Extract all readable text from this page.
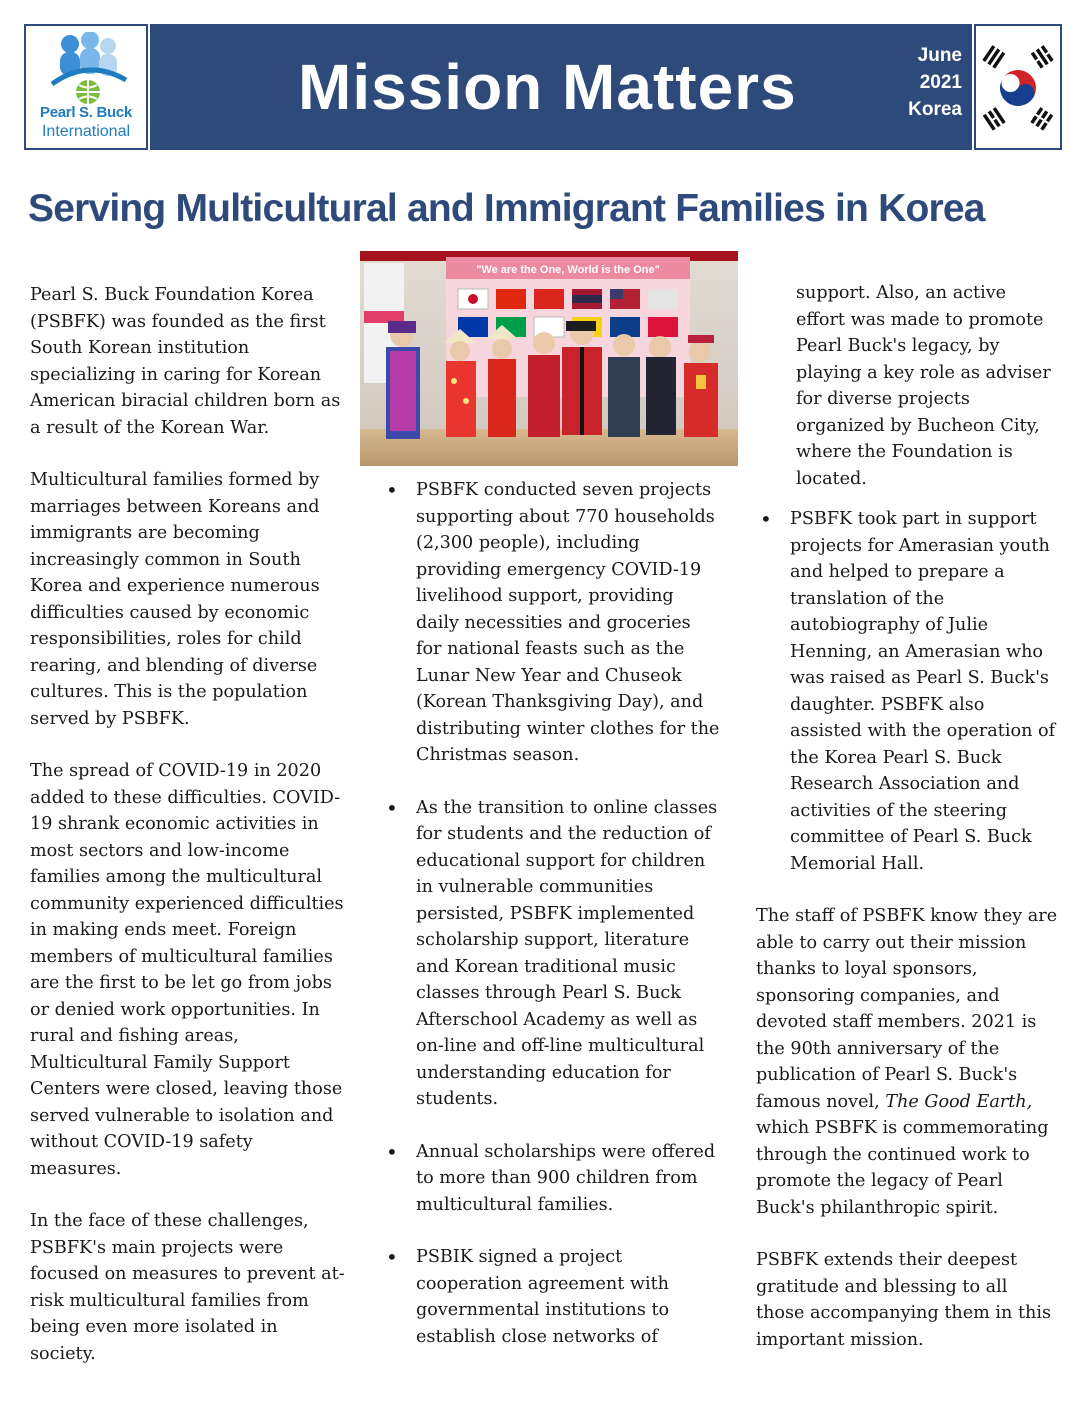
Pearl S. Buck
International
Mission Matters	June
2021
Korea
Serving Multicultural and Immigrant Families in Korea

Pearl S. Buck Foundation Korea (PSBFK) was founded as the first South Korean institution specializing in caring for Korean American biracial children born as a result of the Korean War.

Multicultural families formed by marriages between Koreans and immigrants are becoming increasingly common in South Korea and experience numerous difficulties caused by economic responsibilities, roles for child rearing, and blending of diverse cultures. This is the population served by PSBFK.

The spread of COVID-19 in 2020 added to these difficulties. COVID-19 shrank economic activities in most sectors and low-income families among the multicultural community experienced difficulties in making ends meet. Foreign members of multicultural families are the first to be let go from jobs or denied work opportunities. In rural and fishing areas, Multicultural Family Support Centers were closed, leaving those served vulnerable to isolation and without COVID-19 safety measures.

In the face of these challenges, PSBFK's main projects were focused on measures to prevent at-risk multicultural families from being even more isolated in society.

"We are the One, World is the One"
• PSBFK conducted seven projects supporting about 770 households (2,300 people), including providing emergency COVID-19 livelihood support, providing daily necessities and groceries for national feasts such as the Lunar New Year and Chuseok (Korean Thanksgiving Day), and distributing winter clothes for the Christmas season.
• As the transition to online classes for students and the reduction of educational support for children in vulnerable communities persisted, PSBFK implemented scholarship support, literature and Korean traditional music classes through Pearl S. Buck Afterschool Academy as well as on-line and off-line multicultural understanding education for students.
• Annual scholarships were offered to more than 900 children from multicultural families.
• PSBIK signed a project cooperation agreement with governmental institutions to establish close networks of
support. Also, an active effort was made to promote Pearl Buck's legacy, by playing a key role as adviser for diverse projects organized by Bucheon City, where the Foundation is located.
• PSBFK took part in support projects for Amerasian youth and helped to prepare a translation of the autobiography of Julie Henning, an Amerasian who was raised as Pearl S. Buck's daughter. PSBFK also assisted with the operation of the Korea Pearl S. Buck Research Association and activities of the steering committee of Pearl S. Buck Memorial Hall.

The staff of PSBFK know they are able to carry out their mission thanks to loyal sponsors, sponsoring companies, and devoted staff members. 2021 is the 90th anniversary of the publication of Pearl S. Buck's famous novel, The Good Earth, which PSBFK is commemorating through the continued work to promote the legacy of Pearl Buck's philanthropic spirit.

PSBFK extends their deepest gratitude and blessing to all those accompanying them in this important mission.
